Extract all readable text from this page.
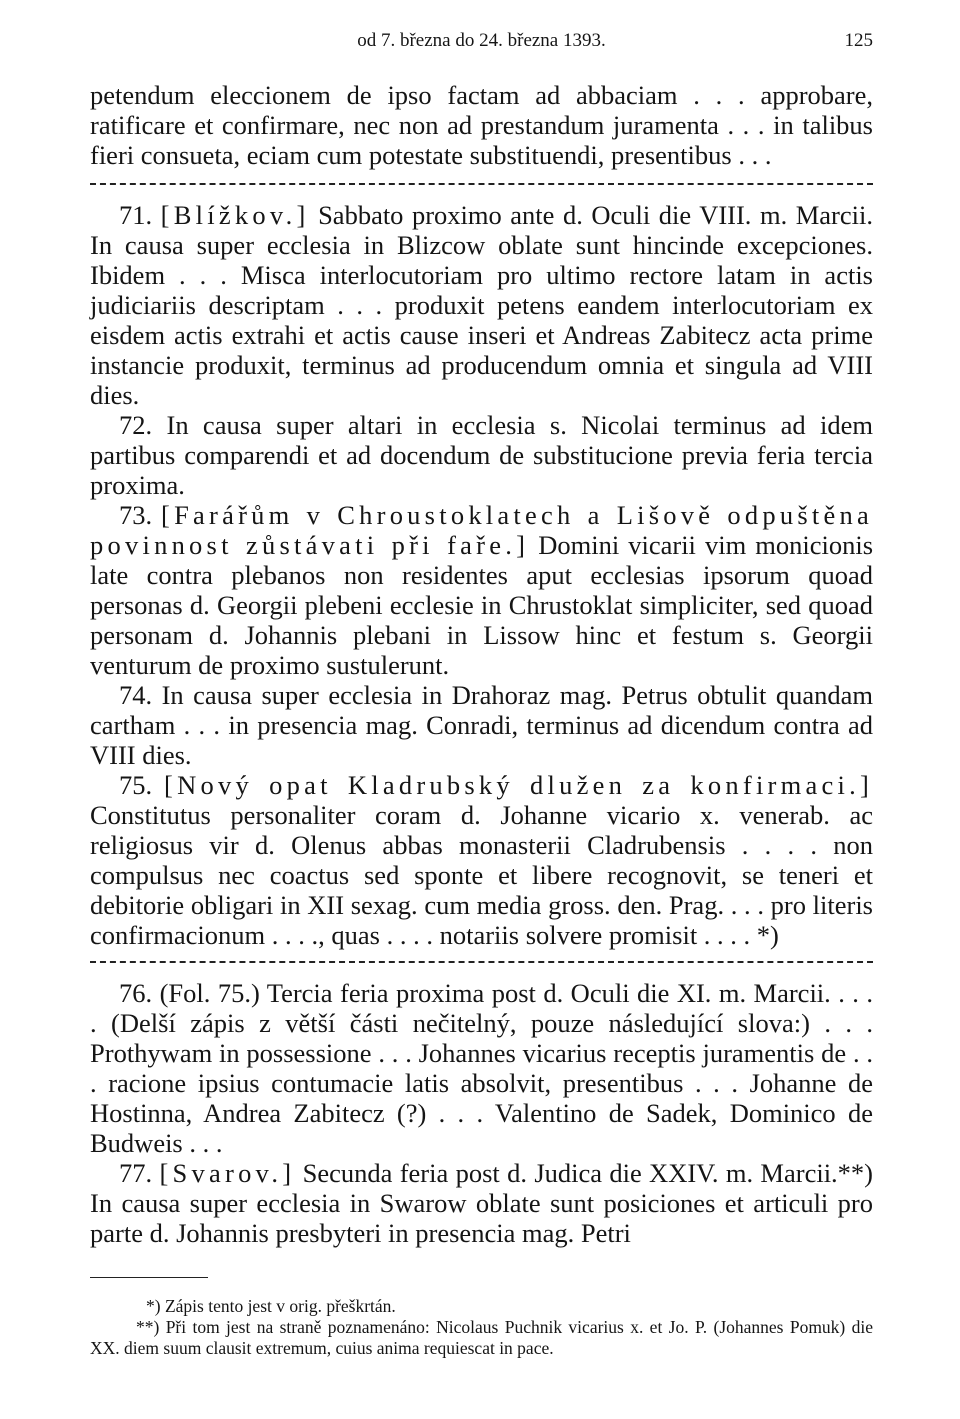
od 7. března do 24. března 1393.	125

petendum eleccionem de ipso factam ad abbaciam . . . approbare, ratificare et confirmare, nec non ad prestandum juramenta . . . in talibus fieri consueta, eciam cum potestate substituendi, presentibus . . .

71. [Blížkov.] Sabbato proximo ante d. Oculi die VIII. m. Marcii. In causa super ecclesia in Blizcow oblate sunt hincinde excepciones. Ibidem . . . Misca interlocutoriam pro ultimo rectore latam in actis judiciariis descriptam . . . produxit petens eandem interlocutoriam ex eisdem actis extrahi et actis cause inseri et Andreas Zabitecz acta prime instancie produxit, terminus ad producendum omnia et singula ad VIII dies.

72. In causa super altari in ecclesia s. Nicolai terminus ad idem partibus comparendi et ad docendum de substitucione previa feria tercia proxima.

73. [Farářům v Chroustoklatech a Lišově odpuštěna povinnost zůstávati při faře.] Domini vicarii vim monicionis late contra plebanos non residentes aput ecclesias ipsorum quoad personas d. Georgii plebeni ecclesie in Chrustoklat simpliciter, sed quoad personam d. Johannis plebani in Lissow hinc et festum s. Georgii venturum de proximo sustulerunt.

74. In causa super ecclesia in Drahoraz mag. Petrus obtulit quandam cartham . . . in presencia mag. Conradi, terminus ad dicendum contra ad VIII dies.

75. [Nový opat Kladrubský dlužen za konfirmaci.] Constitutus personaliter coram d. Johanne vicario x. venerab. ac religiosus vir d. Olenus abbas monasterii Cladrubensis . . . . non compulsus nec coactus sed sponte et libere recognovit, se teneri et debitorie obligari in XII sexag. cum media gross. den. Prag. . . . pro literis confirmacionum . . . ., quas . . . . notariis solvere promisit . . . . *)

76. (Fol. 75.) Tercia feria proxima post d. Oculi die XI. m. Marcii. . . . . (Delší zápis z větší části nečitelný, pouze následující slova:) . . . Prothywam in possessione . . . Johannes vicarius receptis juramentis de . . . racione ipsius contumacie latis absolvit, presentibus . . . Johanne de Hostinna, Andrea Zabitecz (?) . . . Valentino de Sadek, Dominico de Budweis . . .

77. [Svarov.] Secunda feria post d. Judica die XXIV. m. Marcii.**) In causa super ecclesia in Swarow oblate sunt posiciones et articuli pro parte d. Johannis presbyteri in presencia mag. Petri

*) Zápis tento jest v orig. přeškrtán.

**) Při tom jest na straně poznamenáno: Nicolaus Puchnik vicarius x. et Jo. P. (Johannes Pomuk) die XX. diem suum clausit extremum, cuius anima requiescat in pace.
